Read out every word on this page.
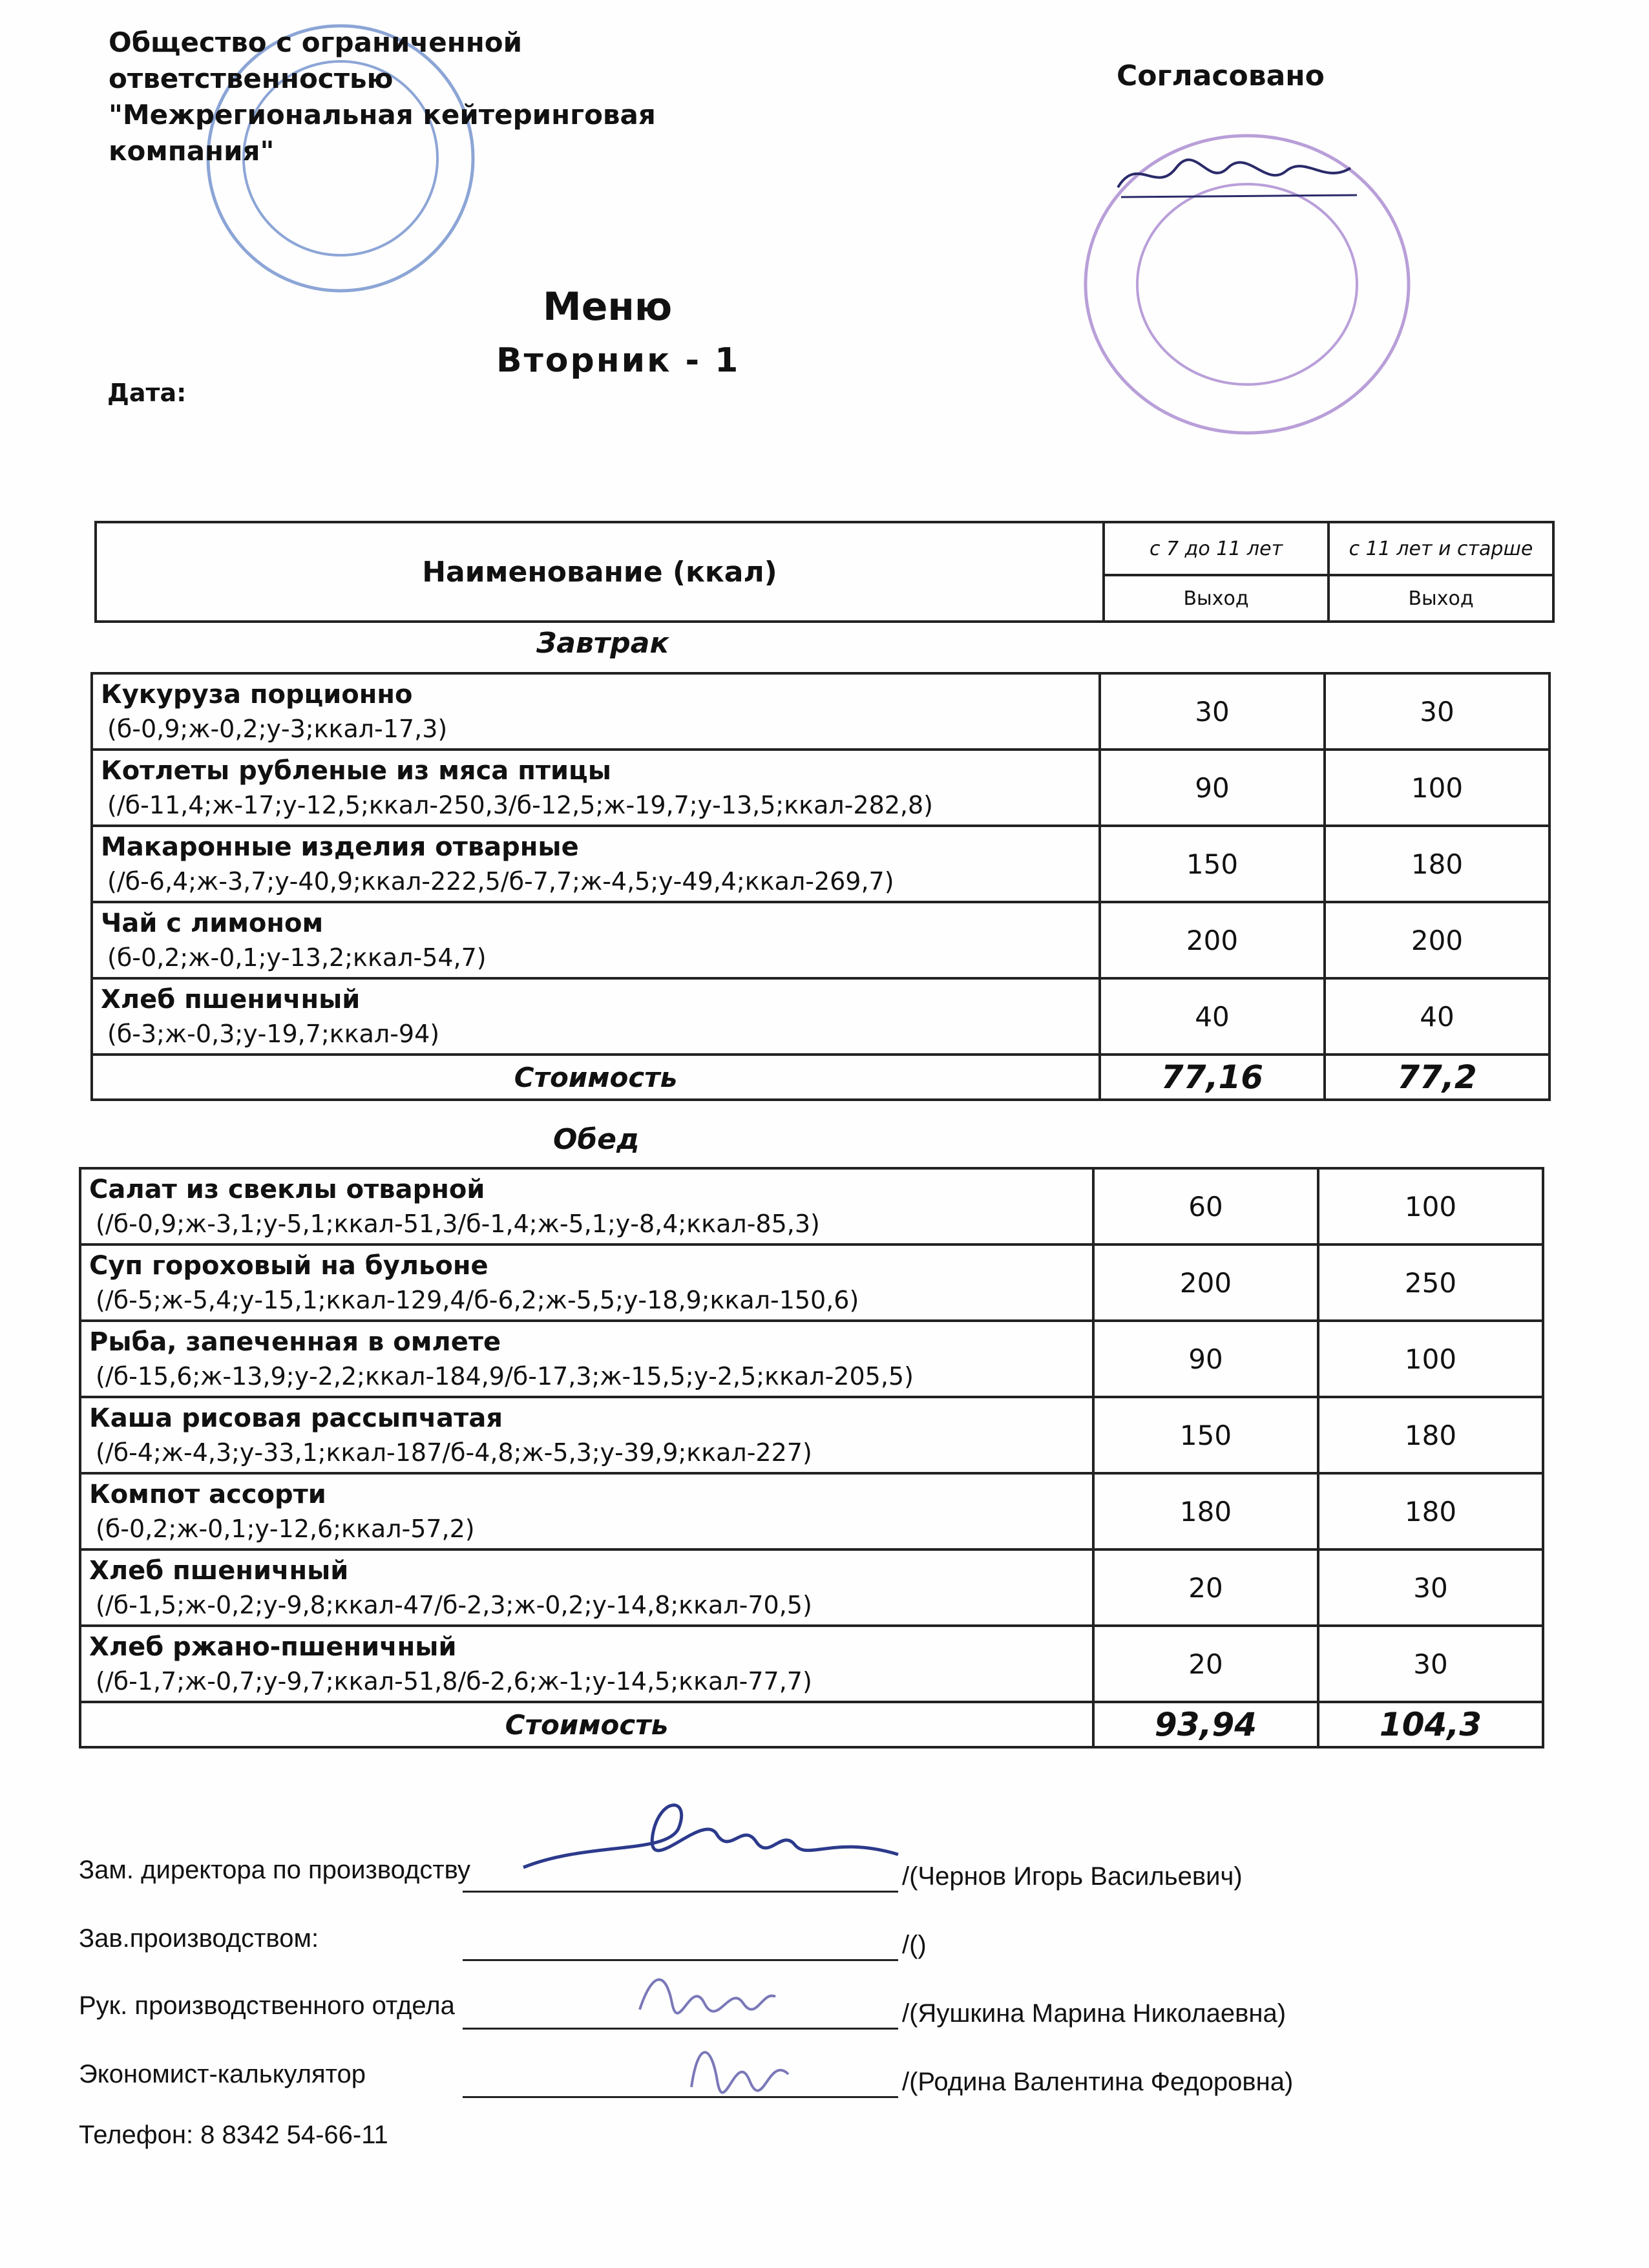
Общество с ограниченной ответственностью "Межрегиональная кейтеринговая компания"
Согласовано
Меню
Вторник - 1
Дата:
Наименование (ккал)	с 7 до 11 лет	с 11 лет и старше
	Выход	Выход
Завтрак
Кукуруза порционно
(б-0,9;ж-0,2;у-3;ккал-17,3)	30	30

Котлеты рубленые из мяса птицы
(/б-11,4;ж-17;у-12,5;ккал-250,3/б-12,5;ж-19,7;у-13,5;ккал-282,8)	90	100

Макаронные изделия отварные
(/б-6,4;ж-3,7;у-40,9;ккал-222,5/б-7,7;ж-4,5;у-49,4;ккал-269,7)	150	180

Чай с лимоном
(б-0,2;ж-0,1;у-13,2;ккал-54,7)	200	200

Хлеб пшеничный
(б-3;ж-0,3;у-19,7;ккал-94)	40	40
Стоимость	77,16	77,2
Обед
Салат из свеклы отварной
(/б-0,9;ж-3,1;у-5,1;ккал-51,3/б-1,4;ж-5,1;у-8,4;ккал-85,3)	60	100

Суп гороховый на бульоне
(/б-5;ж-5,4;у-15,1;ккал-129,4/б-6,2;ж-5,5;у-18,9;ккал-150,6)	200	250

Рыба, запеченная в омлете
(/б-15,6;ж-13,9;у-2,2;ккал-184,9/б-17,3;ж-15,5;у-2,5;ккал-205,5)	90	100

Каша рисовая рассыпчатая
(/б-4;ж-4,3;у-33,1;ккал-187/б-4,8;ж-5,3;у-39,9;ккал-227)	150	180

Компот ассорти
(б-0,2;ж-0,1;у-12,6;ккал-57,2)	180	180

Хлеб пшеничный
(/б-1,5;ж-0,2;у-9,8;ккал-47/б-2,3;ж-0,2;у-14,8;ккал-70,5)	20	30

Хлеб ржано-пшеничный
(/б-1,7;ж-0,7;у-9,7;ккал-51,8/б-2,6;ж-1;у-14,5;ккал-77,7)	20	30
Стоимость	93,94	104,3
Зам. директора по производству	/(Чернов Игорь Васильевич)
Зав.производством:	/()
Рук. производственного отдела	/(Яушкина Марина Николаевна)
Экономист-калькулятор	/(Родина Валентина Федоровна)
Телефон: 8 8342 54-66-11
